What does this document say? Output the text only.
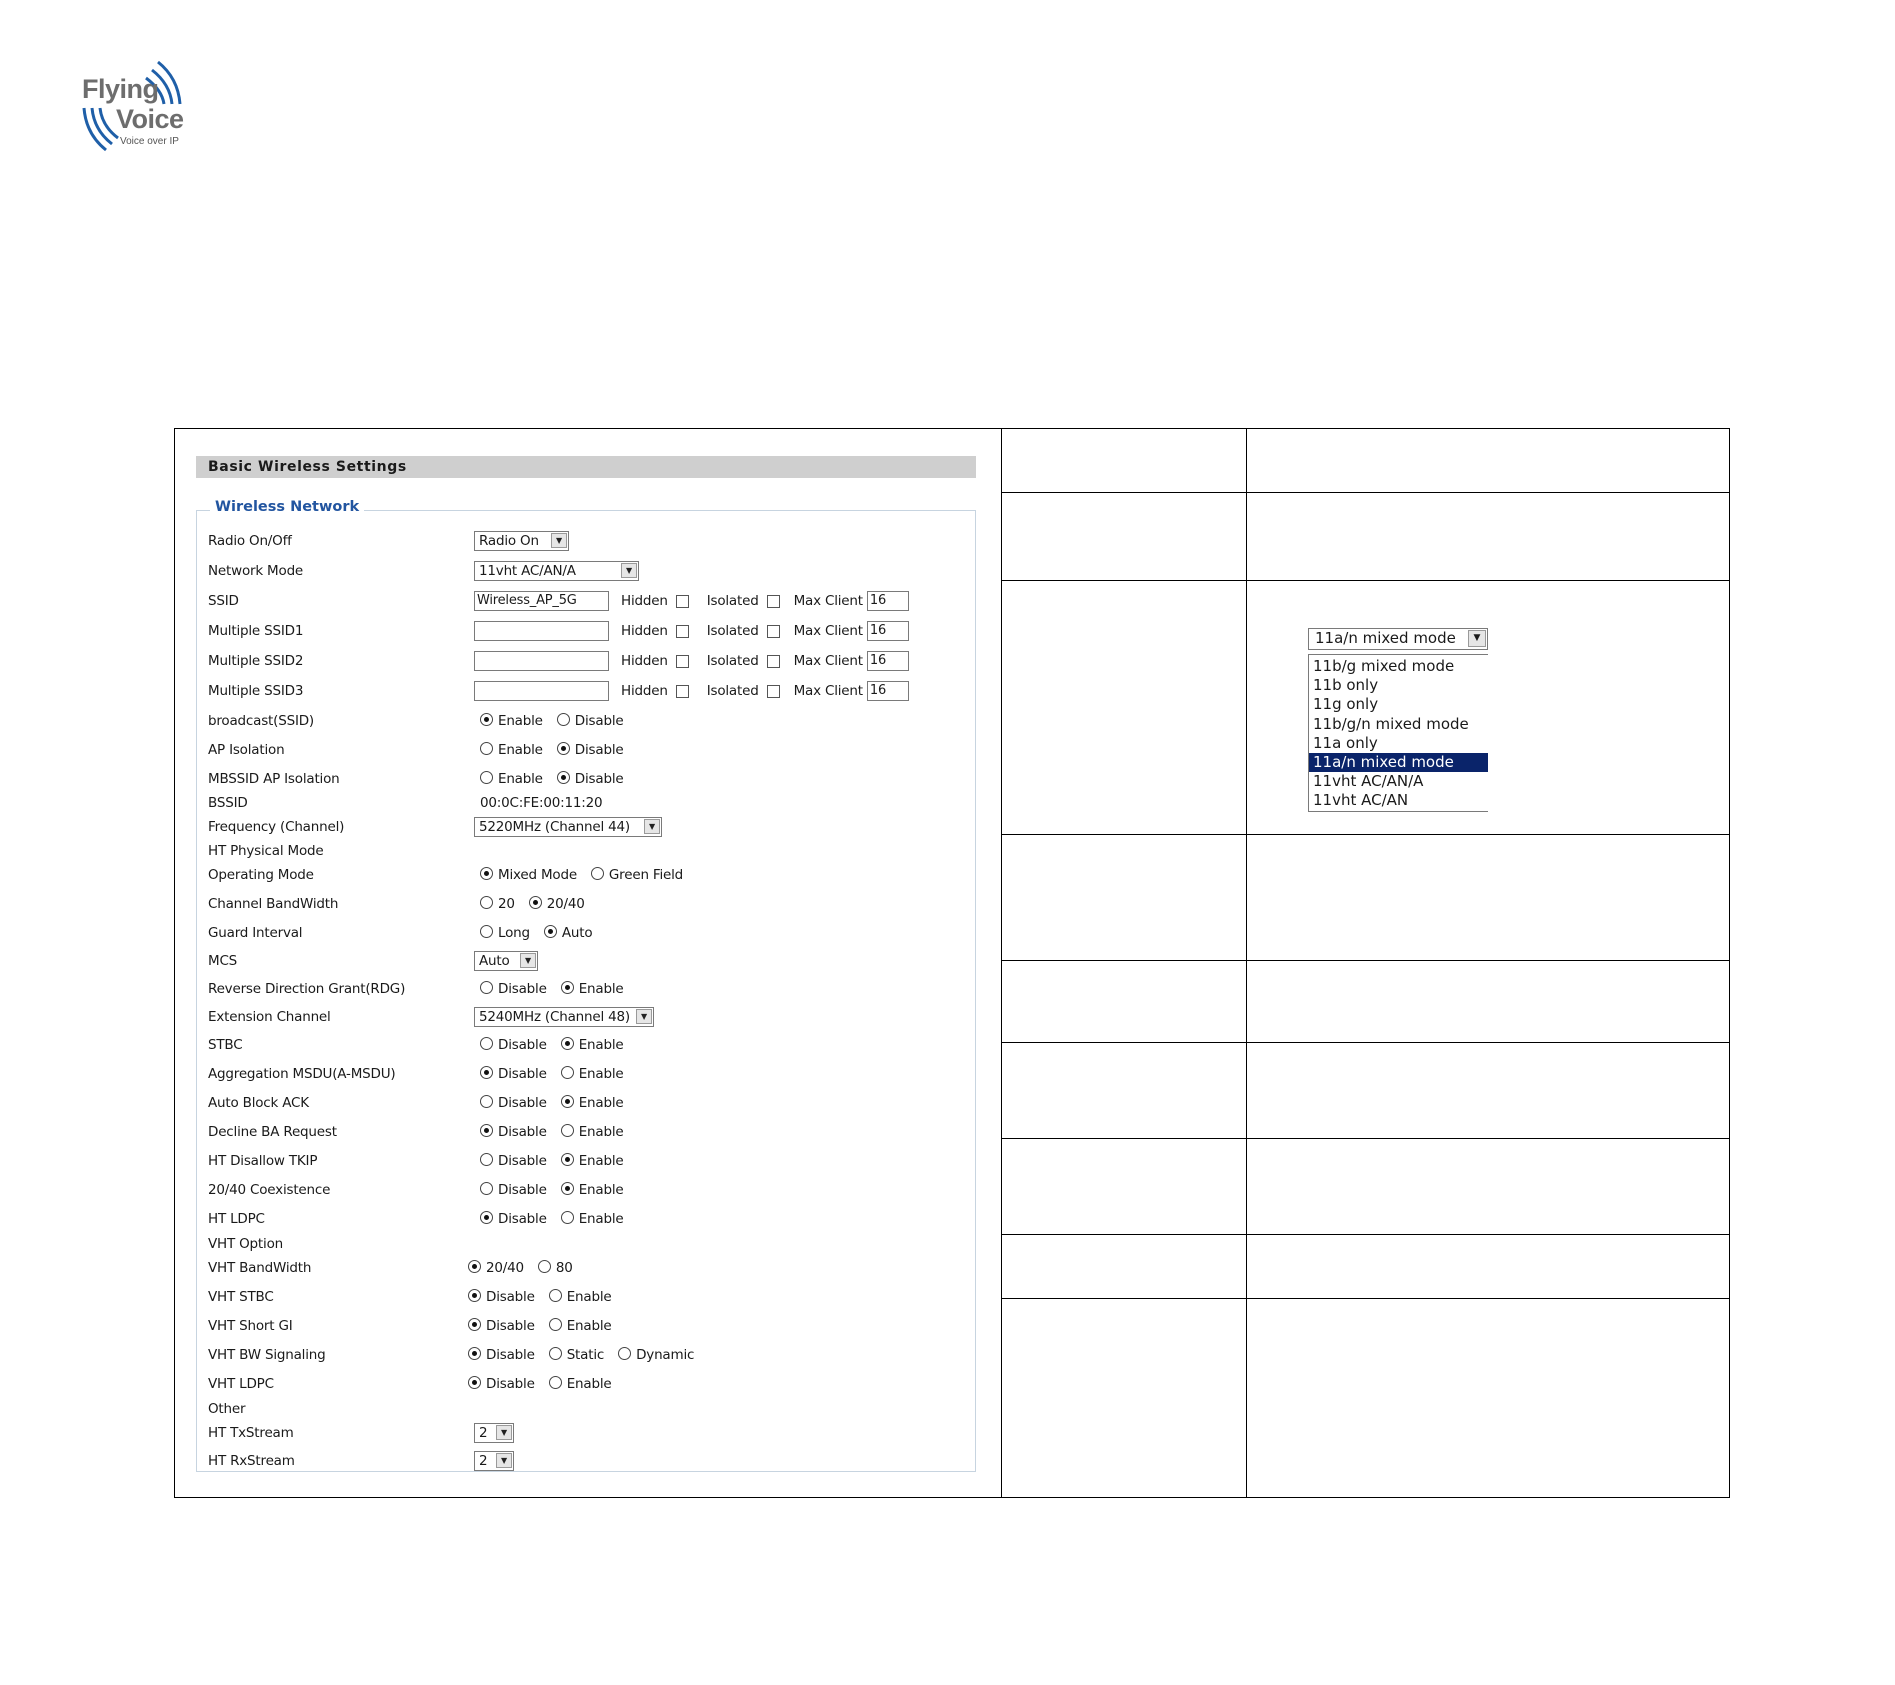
Flying
Voice
Voice over IP
Basic Wireless Settings
Wireless Network
Radio On/Off	Radio On	▼
Network Mode	11vht AC/AN/A	▼
SSID	Wireless_AP_5G	Hidden	Isolated	Max Client 16
Multiple SSID1	Hidden	Isolated	Max Client 16
Multiple SSID2	Hidden	Isolated	Max Client 16
Multiple SSID3	Hidden	Isolated	Max Client 16
broadcast(SSID)	Enable Disable
AP Isolation	Enable Disable
MBSSID AP Isolation	Enable Disable
BSSID	00:0C:FE:00:11:20
Frequency (Channel)	5220MHz (Channel 44)	▼
HT Physical Mode
Operating Mode	Mixed Mode Green Field
Channel BandWidth	20 20/40
Guard Interval	Long Auto
MCS	Auto	▼
Reverse Direction Grant(RDG)	Disable Enable
Extension Channel	5240MHz (Channel 48)	▼
STBC	Disable Enable
Aggregation MSDU(A-MSDU)	Disable Enable
Auto Block ACK	Disable Enable
Decline BA Request	Disable Enable
HT Disallow TKIP	Disable Enable
20/40 Coexistence	Disable Enable
HT LDPC	Disable Enable
VHT Option
VHT BandWidth	20/40 80
VHT STBC	Disable Enable
VHT Short GI	Disable Enable
VHT BW Signaling	Disable Static Dynamic
VHT LDPC	Disable Enable
Other
HT TxStream	2	▼
HT RxStream	2	▼
11a/n mixed mode	▼
11b/g mixed mode
11b only
11g only
11b/g/n mixed mode
11a only
11a/n mixed mode
11vht AC/AN/A
11vht AC/AN
